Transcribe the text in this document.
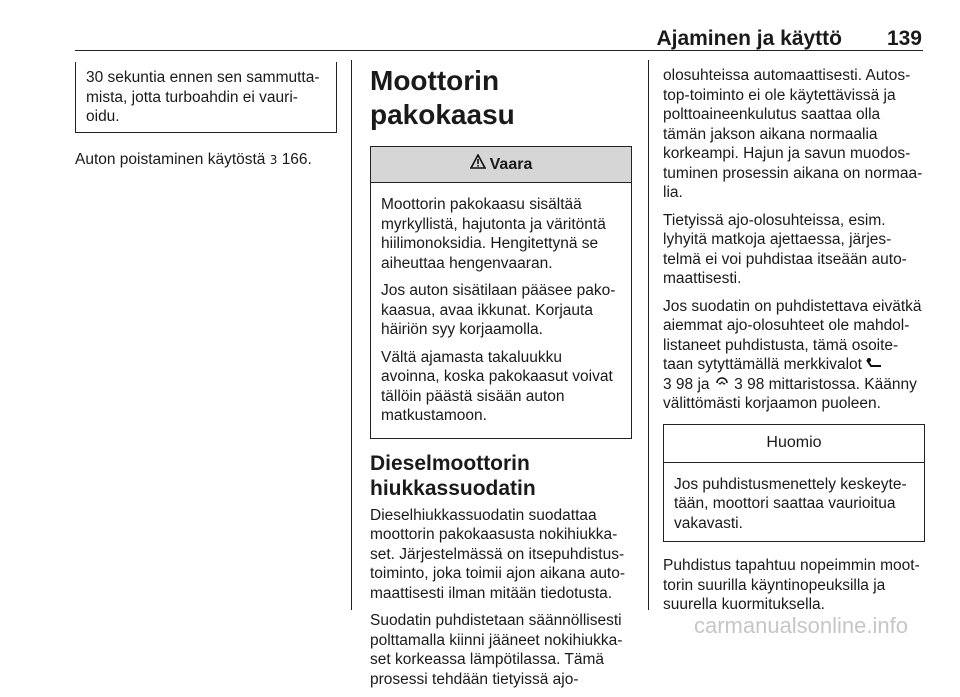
Ajaminen ja käyttö 139
30 sekuntia ennen sen sammutta-
mista, jotta turboahdin ei vauri-
oidu.
Auton poistaminen käytöstä 3 166.
Moottorin pakokaasu
Vaara

Moottorin pakokaasu sisältää
myrkyllistä, hajutonta ja väritöntä
hiilimonoksidia. Hengitettynä se
aiheuttaa hengenvaaran.

Jos auton sisätilaan pääsee pako-
kaasua, avaa ikkunat. Korjauta
häiriön syy korjaamolla.

Vältä ajamasta takaluukku
avoinna, koska pakokaasut voivat
tällöin päästä sisään auton
matkustamoon.

Dieselmoottorin
hiukkassuodatin

Dieselhiukkassuodatin suodattaa
moottorin pakokaasusta nokihiukka-
set. Järjestelmässä on itsepuhdistus-
toiminto, joka toimii ajon aikana auto-
maattisesti ilman mitään tiedotusta.

Suodatin puhdistetaan säännöllisesti
polttamalla kiinni jääneet nokihiukka-
set korkeassa lämpötilassa. Tämä
prosessi tehdään tietyissä ajo-

olosuhteissa automaattisesti. Autos-
top-toiminto ei ole käytettävissä ja
polttoaineenkulutus saattaa olla
tämän jakson aikana normaalia
korkeampi. Hajun ja savun muodos-
tuminen prosessin aikana on normaa-
lia.

Tietyissä ajo-olosuhteissa, esim.
lyhyitä matkoja ajettaessa, järjes-
telmä ei voi puhdistaa itseään auto-
maattisesti.

Jos suodatin on puhdistettava eivätkä
aiemmat ajo-olosuhteet ole mahdol-
listaneet puhdistusta, tämä osoite-
taan sytyttämällä merkkivalot
3 98 ja 3 98 mittaristossa. Käänny
välittömästi korjaamon puoleen.

Huomio
Jos puhdistusmenettely keskeyte-
tään, moottori saattaa vaurioitua
vakavasti.

Puhdistus tapahtuu nopeimmin moot-
torin suurilla käyntinopeuksilla ja
suurella kuormituksella.

carmanualsonline.info
